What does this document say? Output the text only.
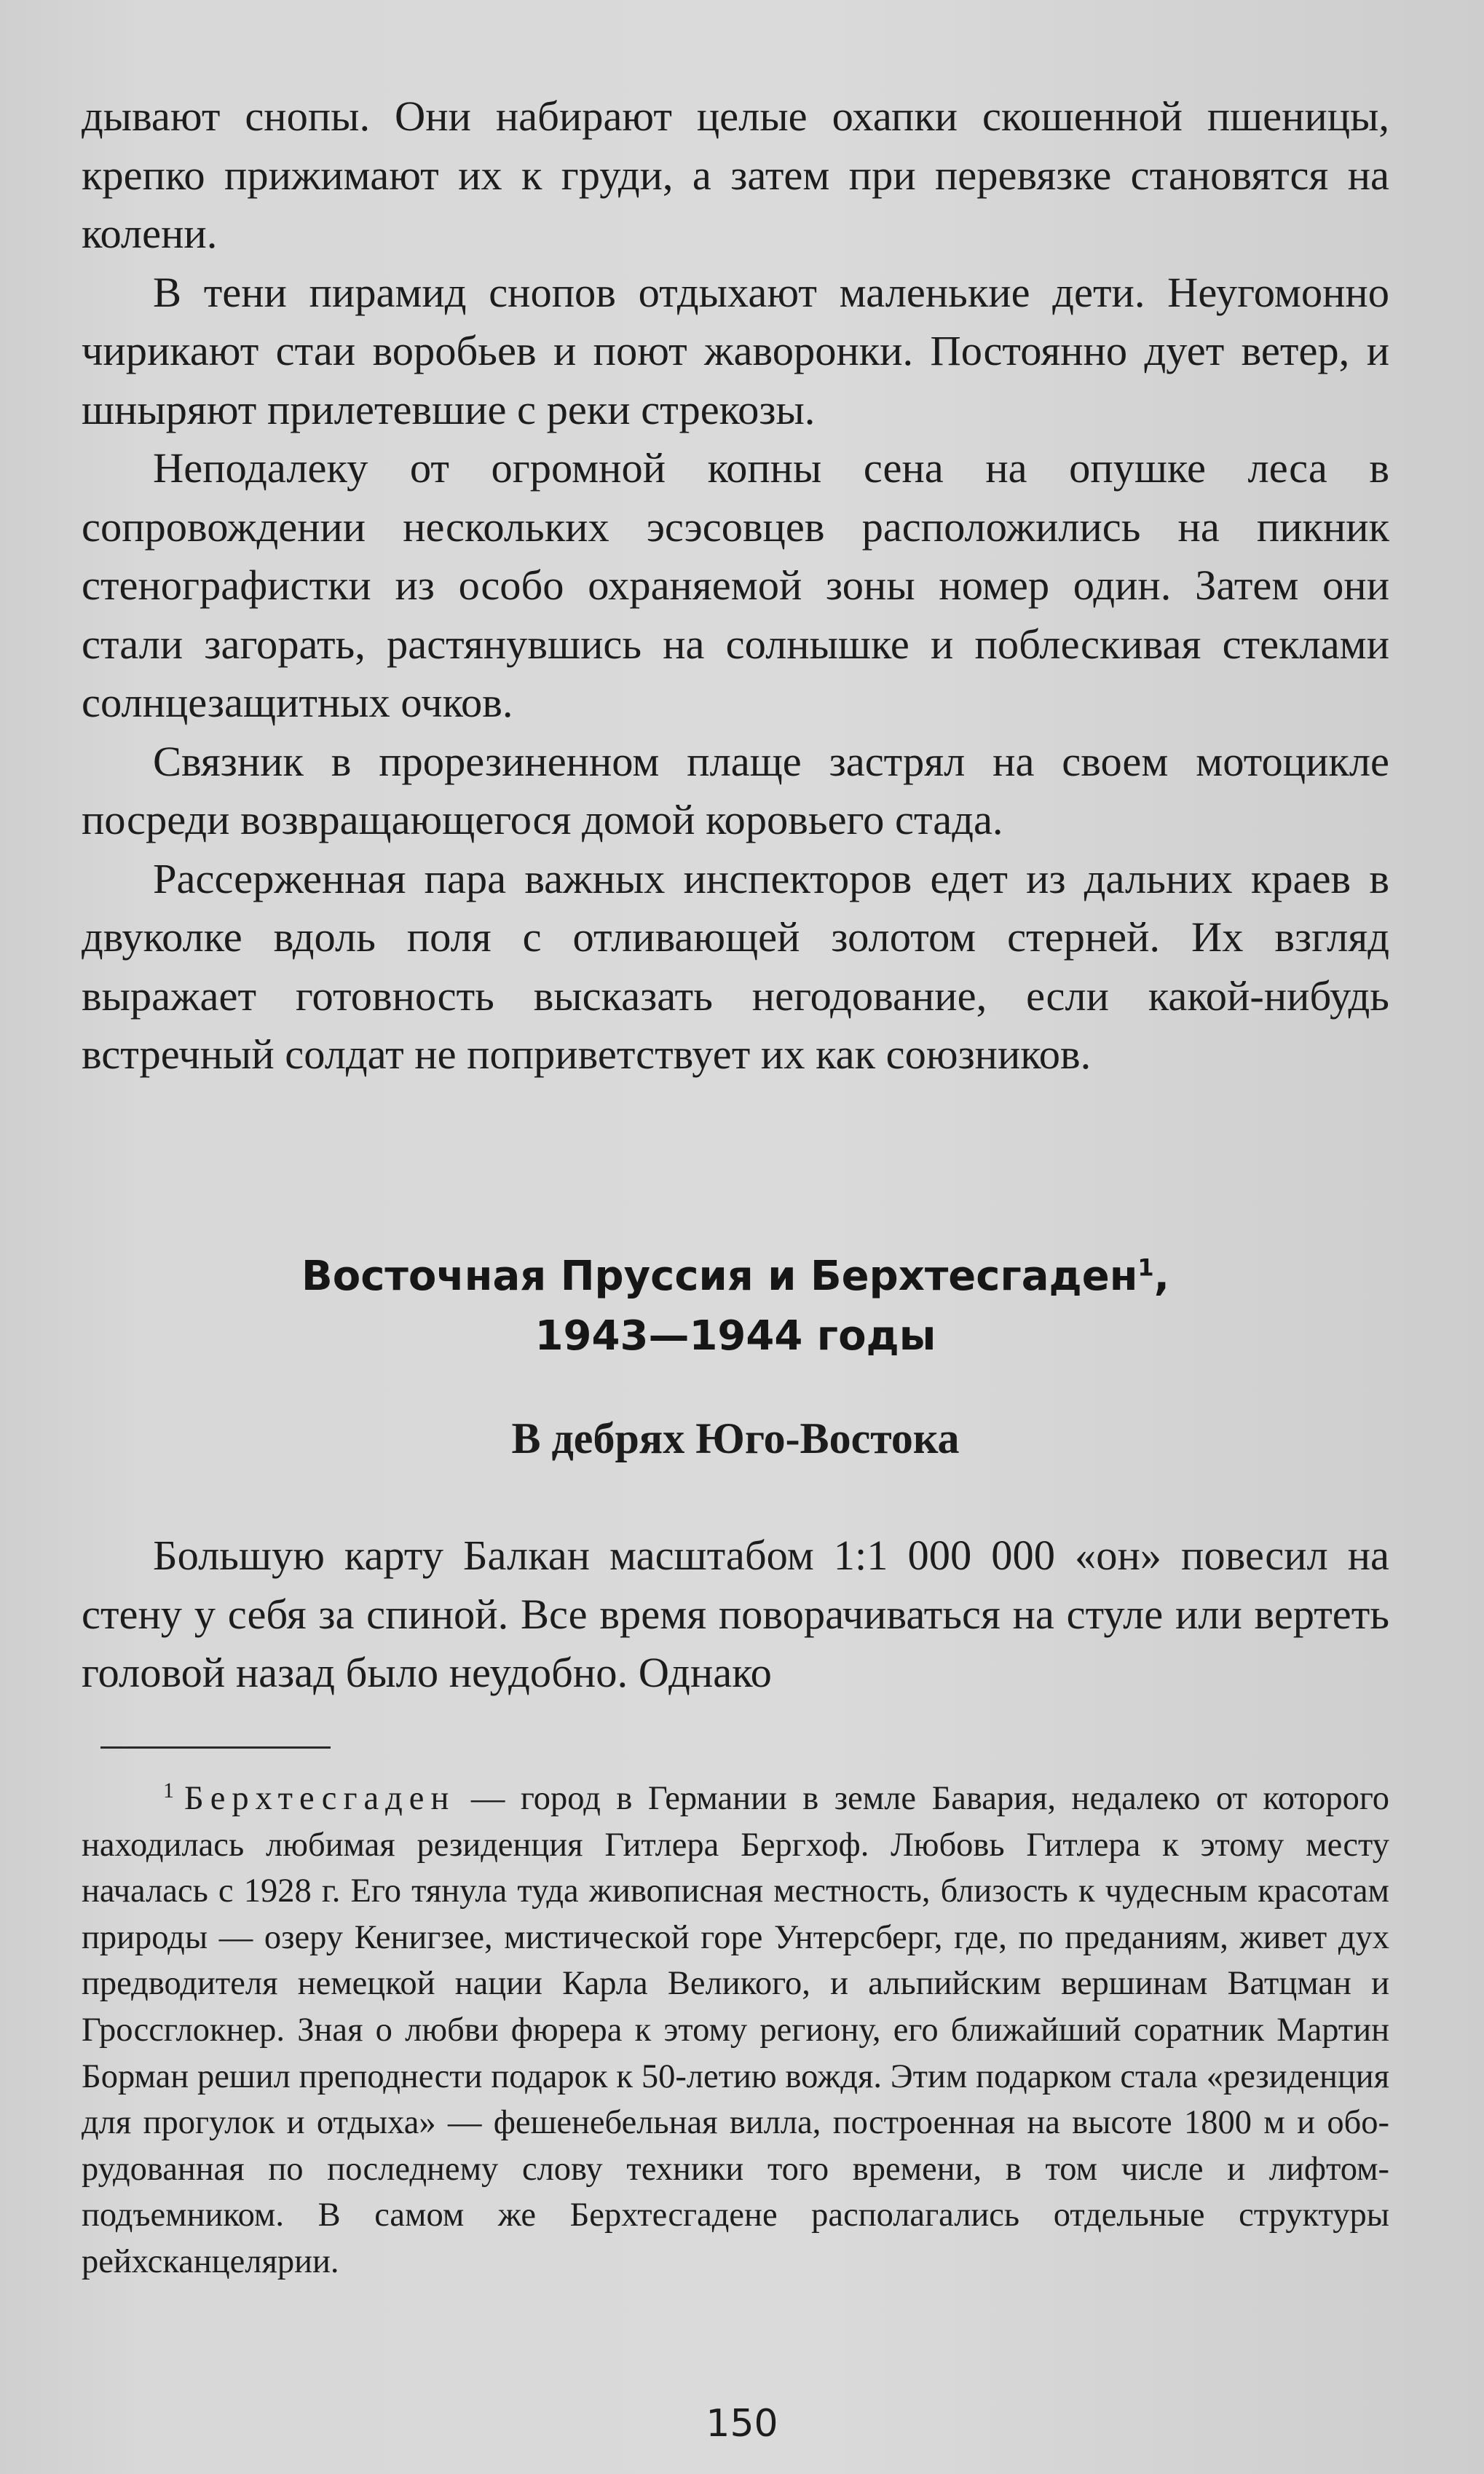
дывают снопы. Они набирают целые охапки скошенной пшеницы, крепко прижимают их к груди, а затем при перевязке становятся на колени.

В тени пирамид снопов отдыхают маленькие дети. Неугомонно чирикают стаи воробьев и поют жаворонки. Постоянно дует ветер, и шныряют прилетевшие с реки стрекозы.

Неподалеку от огромной копны сена на опушке леса в сопровождении нескольких эсэсовцев расположились на пикник стенографистки из особо охраняемой зоны номер один. Затем они стали загорать, растянувшись на солнышке и поблескивая стеклами солнцезащитных очков.

Связник в прорезиненном плаще застрял на своем мотоцикле посреди возвращающегося домой коровьего стада.

Рассерженная пара важных инспекторов едет из дальних краев в двуколке вдоль поля с отливающей золотом стерней. Их взгляд выражает готовность высказать негодование, если какой-нибудь встречный солдат не поприветствует их как союзников.

Восточная Пруссия и Берхтесгаден$^1$,
1943—1944 годы
В дебрях Юго-Востока

Большую карту Балкан масштабом 1:1 000 000 «он» повесил на стену у себя за спиной. Все время поворачиваться на стуле или вертеть головой назад было неудобно. Однако

$^1$ Берхтесгаден — город в Германии в земле Бавария, недалеко от которого находилась любимая резиденция Гитлера Бергхоф. Любовь Гитлера к этому месту началась с 1928 г. Его тянула туда живописная местность, близость к чудесным красотам природы — озеру Кенигзее, мистической горе Унтерсберг, где, по преданиям, живет дух предводителя немецкой нации Карла Великого, и альпийским вершинам Ватцман и Гроссглокнер. Зная о любви фюрера к этому региону, его ближайший соратник Мартин Борман решил преподнести подарок к 50-летию вождя. Этим подарком стала «резиденция для прогулок и отдыха» — фешенебельная вилла, построенная на высоте 1800 м и оборудованная по последнему слову техники того времени, в том числе и лифтом-подъемником. В самом же Берхтесгадене располагались отдельные структуры рейхсканцелярии.

150
